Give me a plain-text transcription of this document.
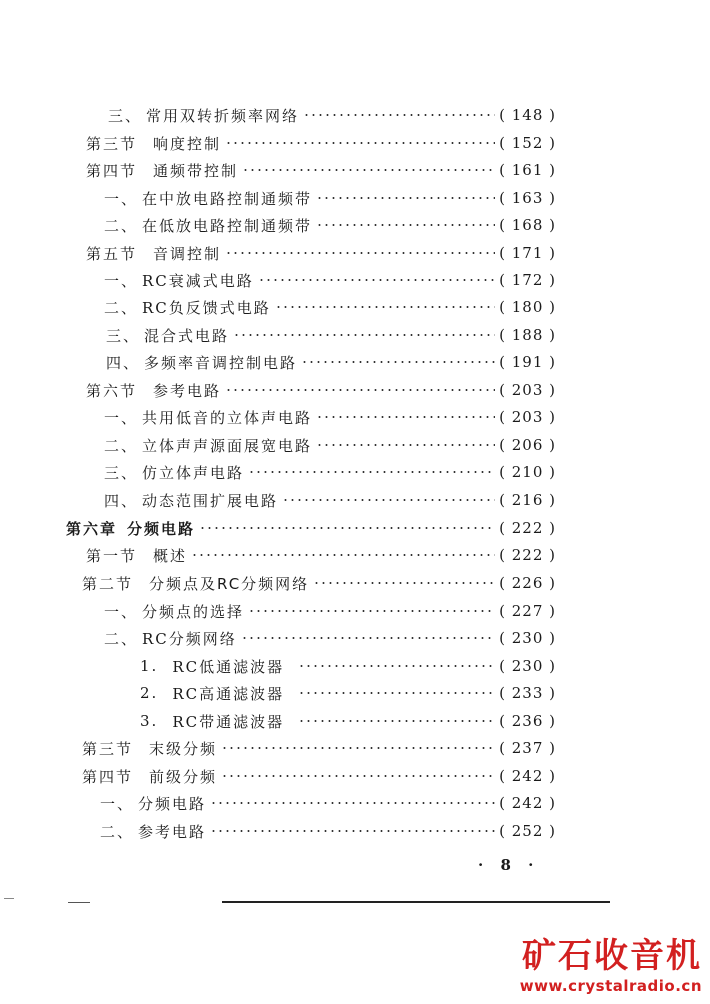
三、 常用双转折频率网络	( 148 )
第三节 响度控制	( 152 )
第四节 通频带控制	( 161 )
一、 在中放电路控制通频带	( 163 )
二、 在低放电路控制通频带	( 168 )
第五节 音调控制	( 171 )
一、 RC衰减式电路	( 172 )
二、 RC负反馈式电路	( 180 )
三、 混合式电路	( 188 )
四、 多频率音调控制电路	( 191 )
第六节 参考电路	( 203 )
一、 共用低音的立体声电路	( 203 )
二、 立体声声源面展宽电路	( 206 )
三、 仿立体声电路	( 210 )
四、 动态范围扩展电路	( 216 )
第六章 分频电路	( 222 )
第一节 概述	( 222 )
第二节 分频点及RC分频网络	( 226 )
一、 分频点的选择	( 227 )
二、 RC分频网络	( 230 )
1. RC低通滤波器	( 230 )
2. RC高通滤波器	( 233 )
3. RC带通滤波器	( 236 )
第三节 末级分频	( 237 )
第四节 前级分频	( 242 )
一、 分频电路	( 242 )
二、 参考电路	( 252 )
· 8 ·
矿石收音机
www.crystalradio.cn
